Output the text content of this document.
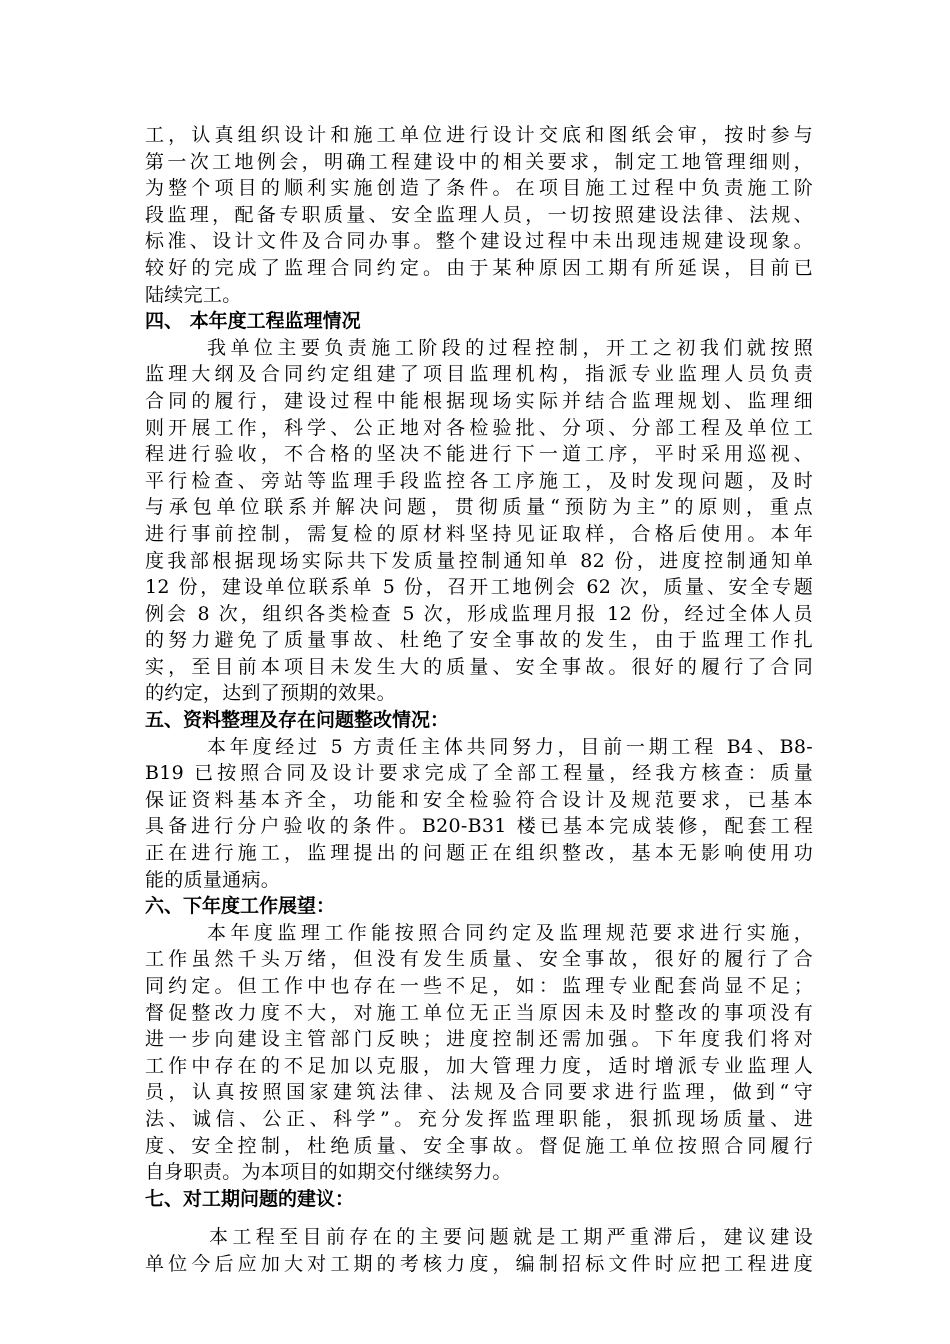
工，认真组织设计和施工单位进行设计交底和图纸会审，按时参与
第一次工地例会，明确工程建设中的相关要求，制定工地管理细则，
为整个项目的顺利实施创造了条件。在项目施工过程中负责施工阶
段监理，配备专职质量、安全监理人员，一切按照建设法律、法规、
标准、设计文件及合同办事。整个建设过程中未出现违规建设现象。
较好的完成了监理合同约定。由于某种原因工期有所延误，目前已
陆续完工。
四、 本年度工程监理情况
我单位主要负责施工阶段的过程控制，开工之初我们就按照
监理大纲及合同约定组建了项目监理机构，指派专业监理人员负责
合同的履行，建设过程中能根据现场实际并结合监理规划、监理细
则开展工作，科学、公正地对各检验批、分项、分部工程及单位工
程进行验收，不合格的坚决不能进行下一道工序，平时采用巡视、
平行检查、旁站等监理手段监控各工序施工，及时发现问题，及时
与承包单位联系并解决问题，贯彻质量“预防为主”的原则，重点
进行事前控制，需复检的原材料坚持见证取样，合格后使用。本年
度我部根据现场实际共下发质量控制通知单 82 份，进度控制通知单
12 份，建设单位联系单 5 份，召开工地例会 62 次，质量、安全专题
例会 8 次，组织各类检查 5 次，形成监理月报 12 份，经过全体人员
的努力避免了质量事故、杜绝了安全事故的发生，由于监理工作扎
实，至目前本项目未发生大的质量、安全事故。很好的履行了合同
的约定，达到了预期的效果。
五、资料整理及存在问题整改情况：
本年度经过 5 方责任主体共同努力，目前一期工程 B4、B8-
B19 已按照合同及设计要求完成了全部工程量，经我方核查：质量
保证资料基本齐全，功能和安全检验符合设计及规范要求，已基本
具备进行分户验收的条件。B20-B31 楼已基本完成装修，配套工程
正在进行施工，监理提出的问题正在组织整改，基本无影响使用功
能的质量通病。
六、下年度工作展望：
本年度监理工作能按照合同约定及监理规范要求进行实施，
工作虽然千头万绪，但没有发生质量、安全事故，很好的履行了合
同约定。但工作中也存在一些不足，如：监理专业配套尚显不足；
督促整改力度不大，对施工单位无正当原因未及时整改的事项没有
进一步向建设主管部门反映；进度控制还需加强。下年度我们将对
工作中存在的不足加以克服，加大管理力度，适时增派专业监理人
员，认真按照国家建筑法律、法规及合同要求进行监理，做到“守
法、诚信、公正、科学”。充分发挥监理职能，狠抓现场质量、进
度、安全控制，杜绝质量、安全事故。督促施工单位按照合同履行
自身职责。为本项目的如期交付继续努力。
七、对工期问题的建议：
本工程至目前存在的主要问题就是工期严重滞后，建议建设
单位今后应加大对工期的考核力度，编制招标文件时应把工程进度
